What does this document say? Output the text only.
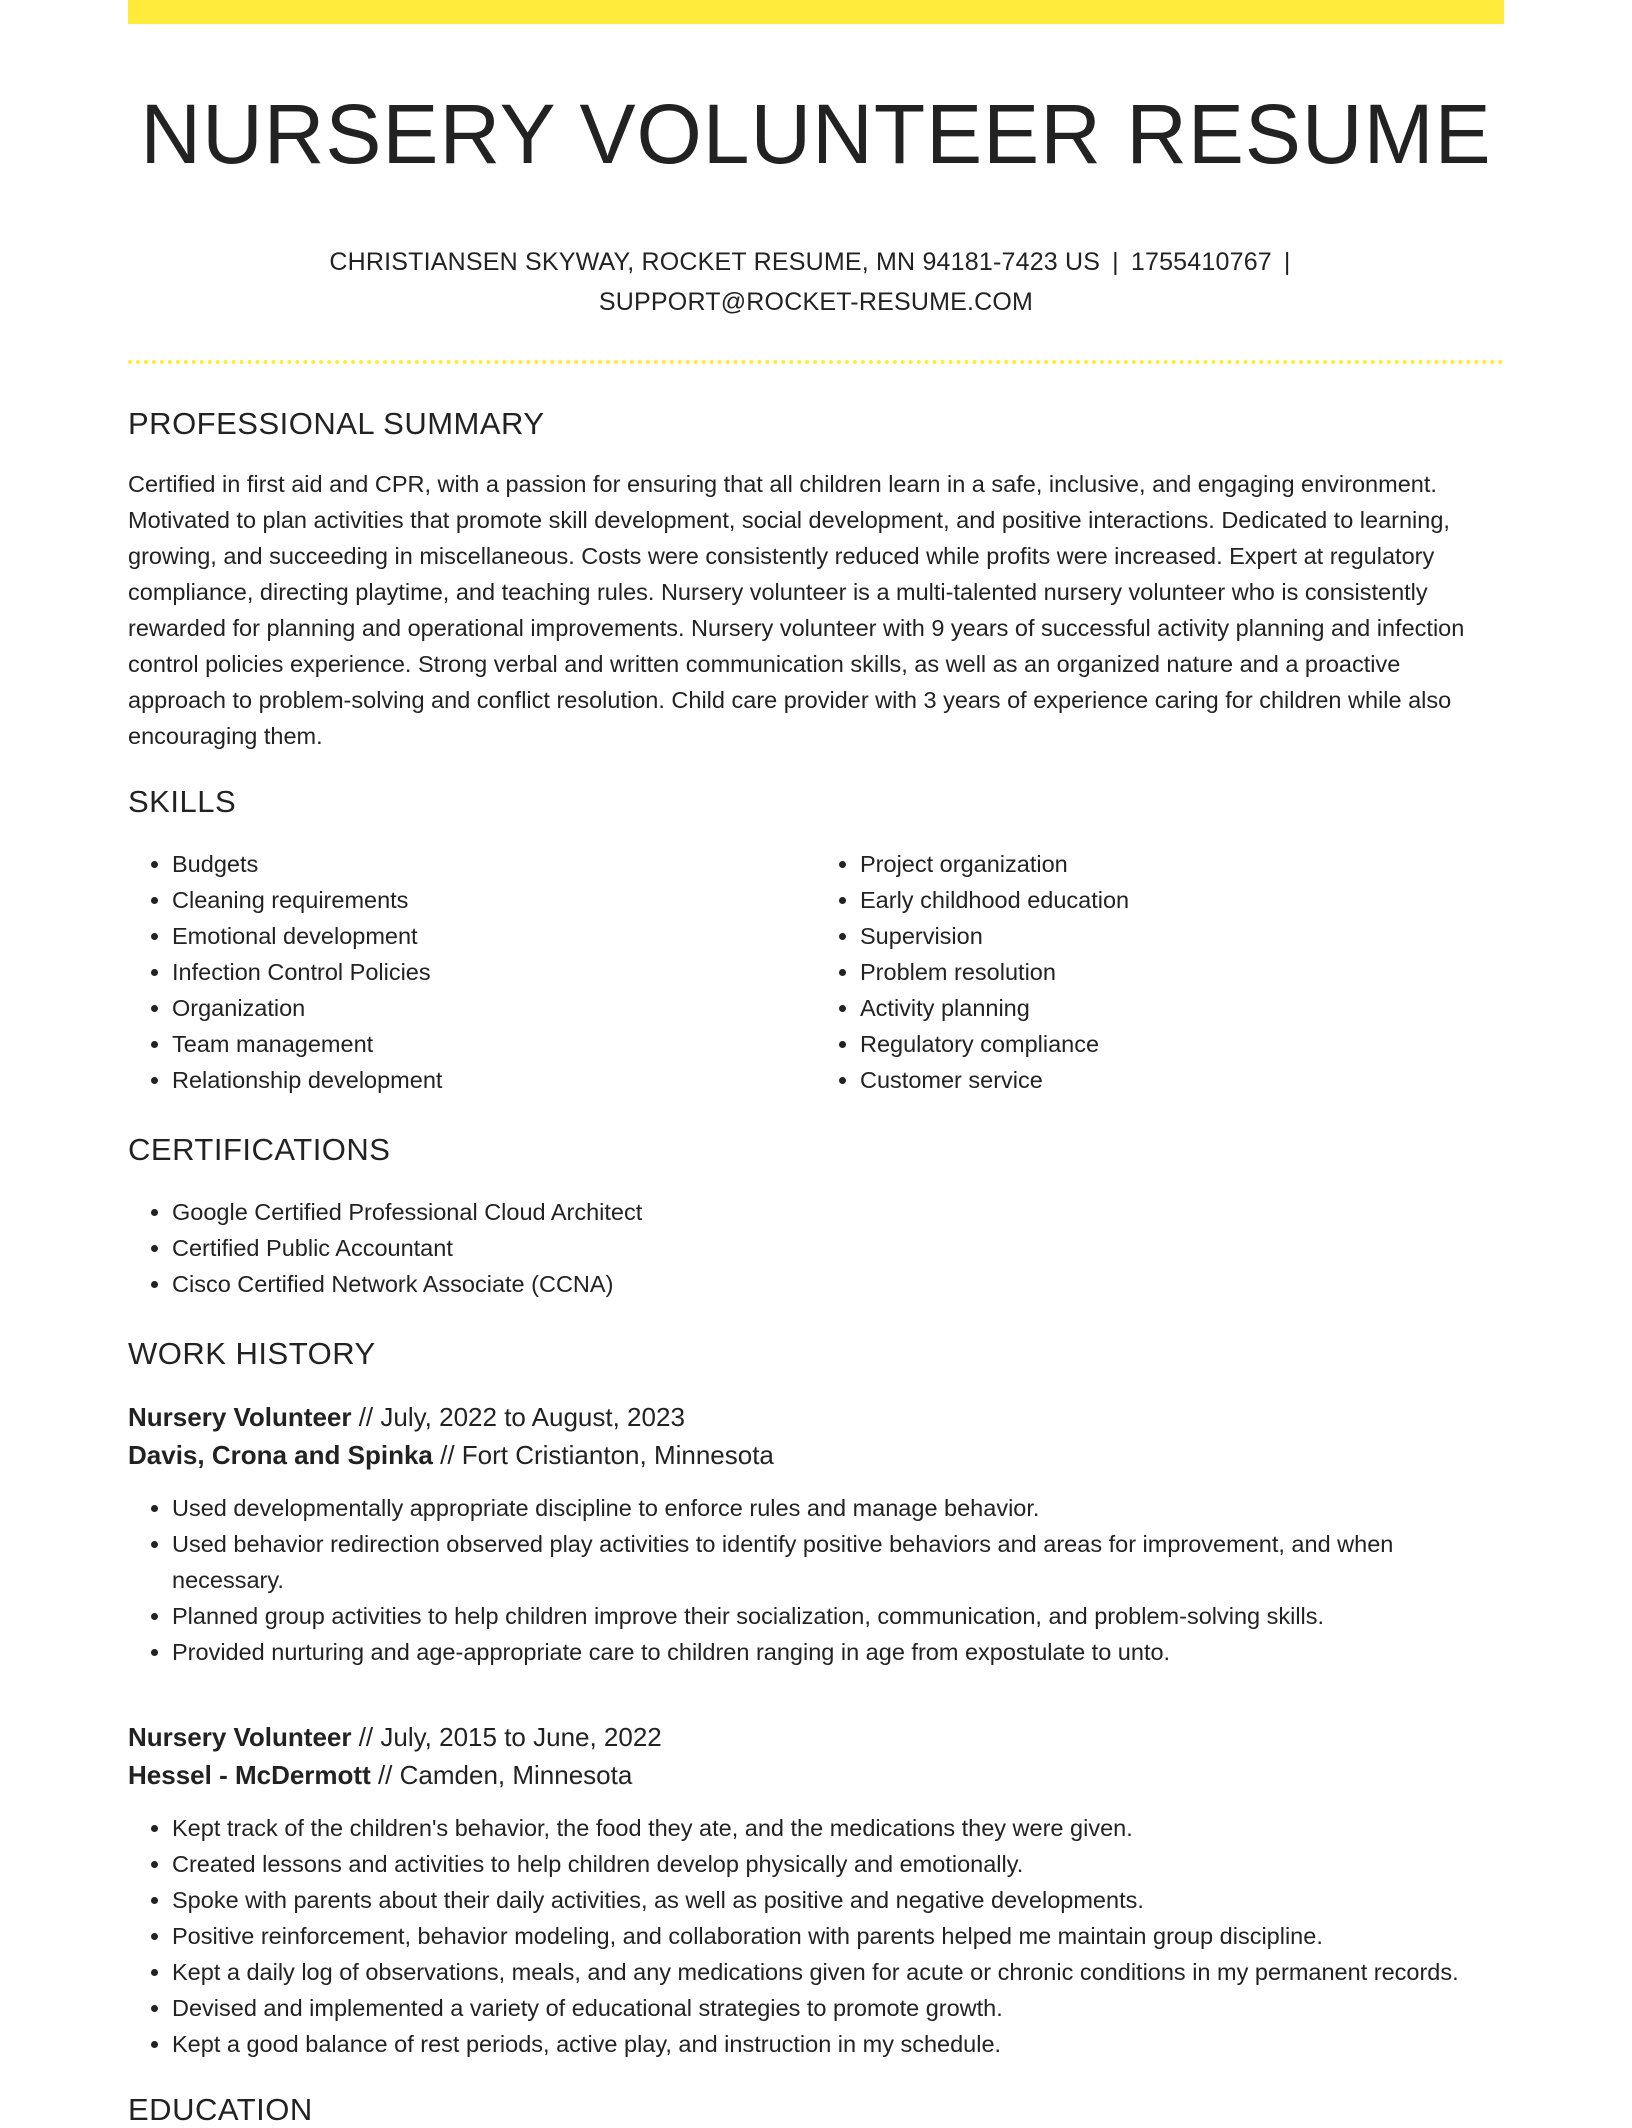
NURSERY VOLUNTEER RESUME
CHRISTIANSEN SKYWAY, ROCKET RESUME, MN 94181-7423 US | 1755410767 |
SUPPORT@ROCKET-RESUME.COM
PROFESSIONAL SUMMARY

Certified in first aid and CPR, with a passion for ensuring that all children learn in a safe, inclusive, and engaging environment. Motivated to plan activities that promote skill development, social development, and positive interactions. Dedicated to learning, growing, and succeeding in miscellaneous. Costs were consistently reduced while profits were increased. Expert at regulatory compliance, directing playtime, and teaching rules. Nursery volunteer is a multi-talented nursery volunteer who is consistently rewarded for planning and operational improvements. Nursery volunteer with 9 years of successful activity planning and infection control policies experience. Strong verbal and written communication skills, as well as an organized nature and a proactive approach to problem-solving and conflict resolution. Child care provider with 3 years of experience caring for children while also encouraging them.

SKILLS
• Budgets
• Cleaning requirements
• Emotional development
• Infection Control Policies
• Organization
• Team management
• Relationship development
• Project organization
• Early childhood education
• Supervision
• Problem resolution
• Activity planning
• Regulatory compliance
• Customer service
CERTIFICATIONS
• Google Certified Professional Cloud Architect
• Certified Public Accountant
• Cisco Certified Network Associate (CCNA)
WORK HISTORY
Nursery Volunteer // July, 2022 to August, 2023
Davis, Crona and Spinka // Fort Cristianton, Minnesota
• Used developmentally appropriate discipline to enforce rules and manage behavior.
• Used behavior redirection observed play activities to identify positive behaviors and areas for improvement, and when necessary.
• Planned group activities to help children improve their socialization, communication, and problem-solving skills.
• Provided nurturing and age-appropriate care to children ranging in age from expostulate to unto.
Nursery Volunteer // July, 2015 to June, 2022
Hessel - McDermott // Camden, Minnesota
• Kept track of the children's behavior, the food they ate, and the medications they were given.
• Created lessons and activities to help children develop physically and emotionally.
• Spoke with parents about their daily activities, as well as positive and negative developments.
• Positive reinforcement, behavior modeling, and collaboration with parents helped me maintain group discipline.
• Kept a daily log of observations, meals, and any medications given for acute or chronic conditions in my permanent records.
• Devised and implemented a variety of educational strategies to promote growth.
• Kept a good balance of rest periods, active play, and instruction in my schedule.
EDUCATION
